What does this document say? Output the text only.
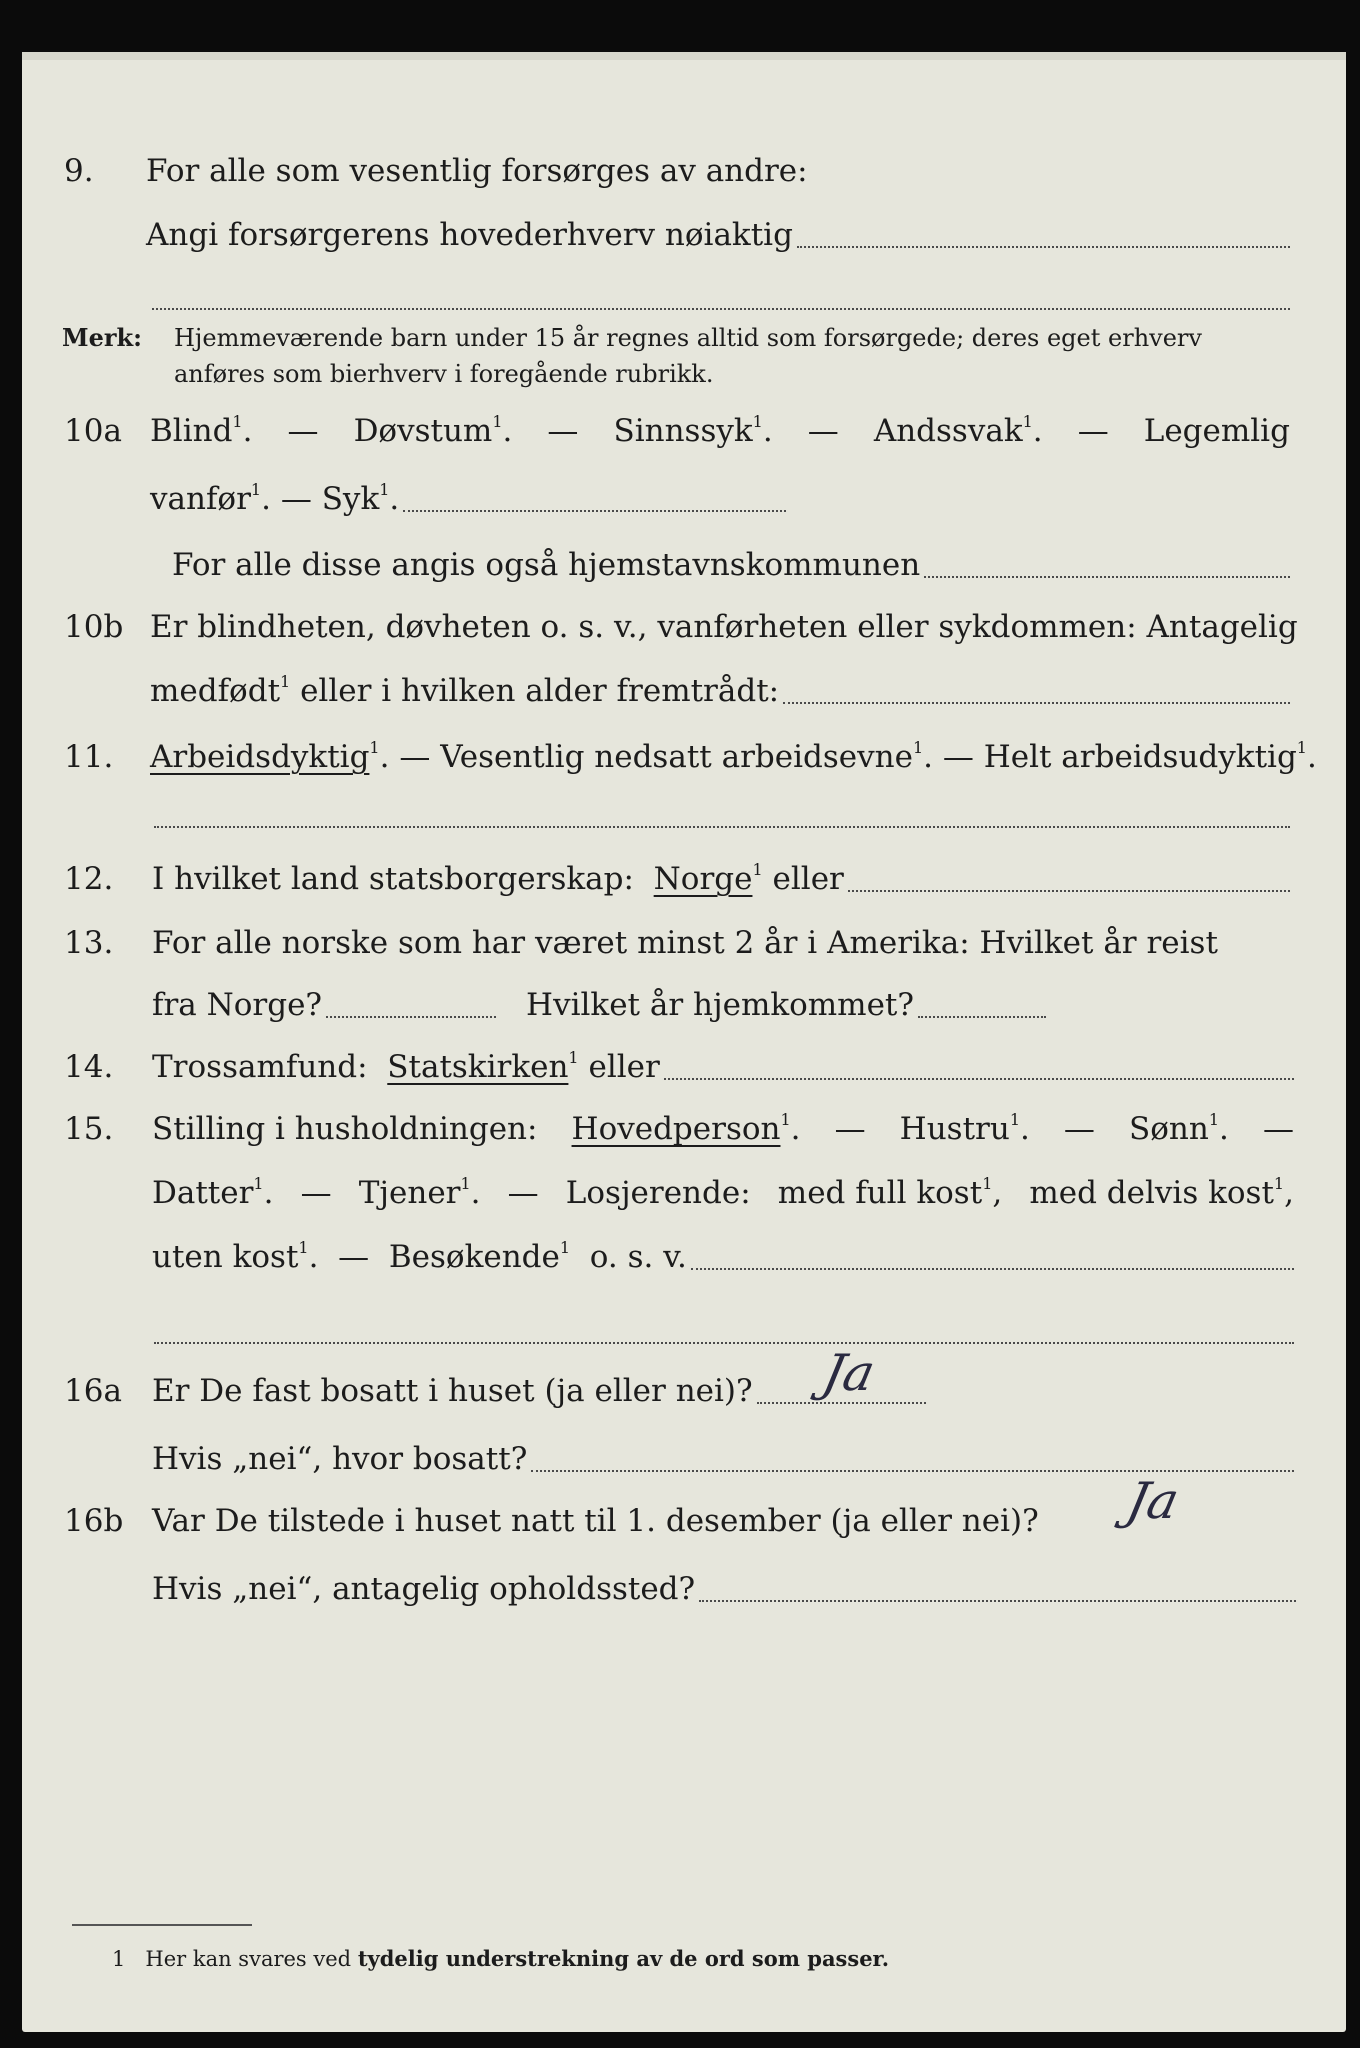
9. For alle som vesentlig forsørges av andre:
Angi forsørgerens hovederhverv nøiaktig
Merk: Hjemmeværende barn under 15 år regnes alltid som forsørgede; deres eget erhverv
anføres som bierhverv i foregående rubrikk.
10a Blind$^1$. — Døvstum$^1$. — Sinnssyk$^1$. — Andssvak$^1$. — Legemlig
vanfør$^1$. — Syk$^1$.
For alle disse angis også hjemstavnskommunen
10b Er blindheten, døvheten o. s. v., vanførheten eller sykdommen: Antagelig
medfødt$^1$ eller i hvilken alder fremtrådt:
11. Arbeidsdyktig$^1$. — Vesentlig nedsatt arbeidsevne$^1$. — Helt arbeidsudyktig$^1$.
12. I hvilket land statsborgerskap: Norge$^1$ eller
13. For alle norske som har været minst 2 år i Amerika: Hvilket år reist
fra Norge?	Hvilket år hjemkommet?
14. Trossamfund: Statskirken$^1$ eller
15. Stilling i husholdningen: Hovedperson$^1$. — Hustru$^1$. — Sønn$^1$. —
Datter$^1$. — Tjener$^1$. — Losjerende: med full kost$^1$, med delvis kost$^1$,
uten kost$^1$.  — Besøkende$^1$ o. s. v.
16a Er De fast bosatt i huset (ja eller nei)? Ja
Hvis „nei“, hvor bosatt?
16b Var De tilstede i huset natt til 1. desember (ja eller nei)? Ja
Hvis „nei“, antagelig opholdssted?
1 Her kan svares ved tydelig understrekning av de ord som passer.
